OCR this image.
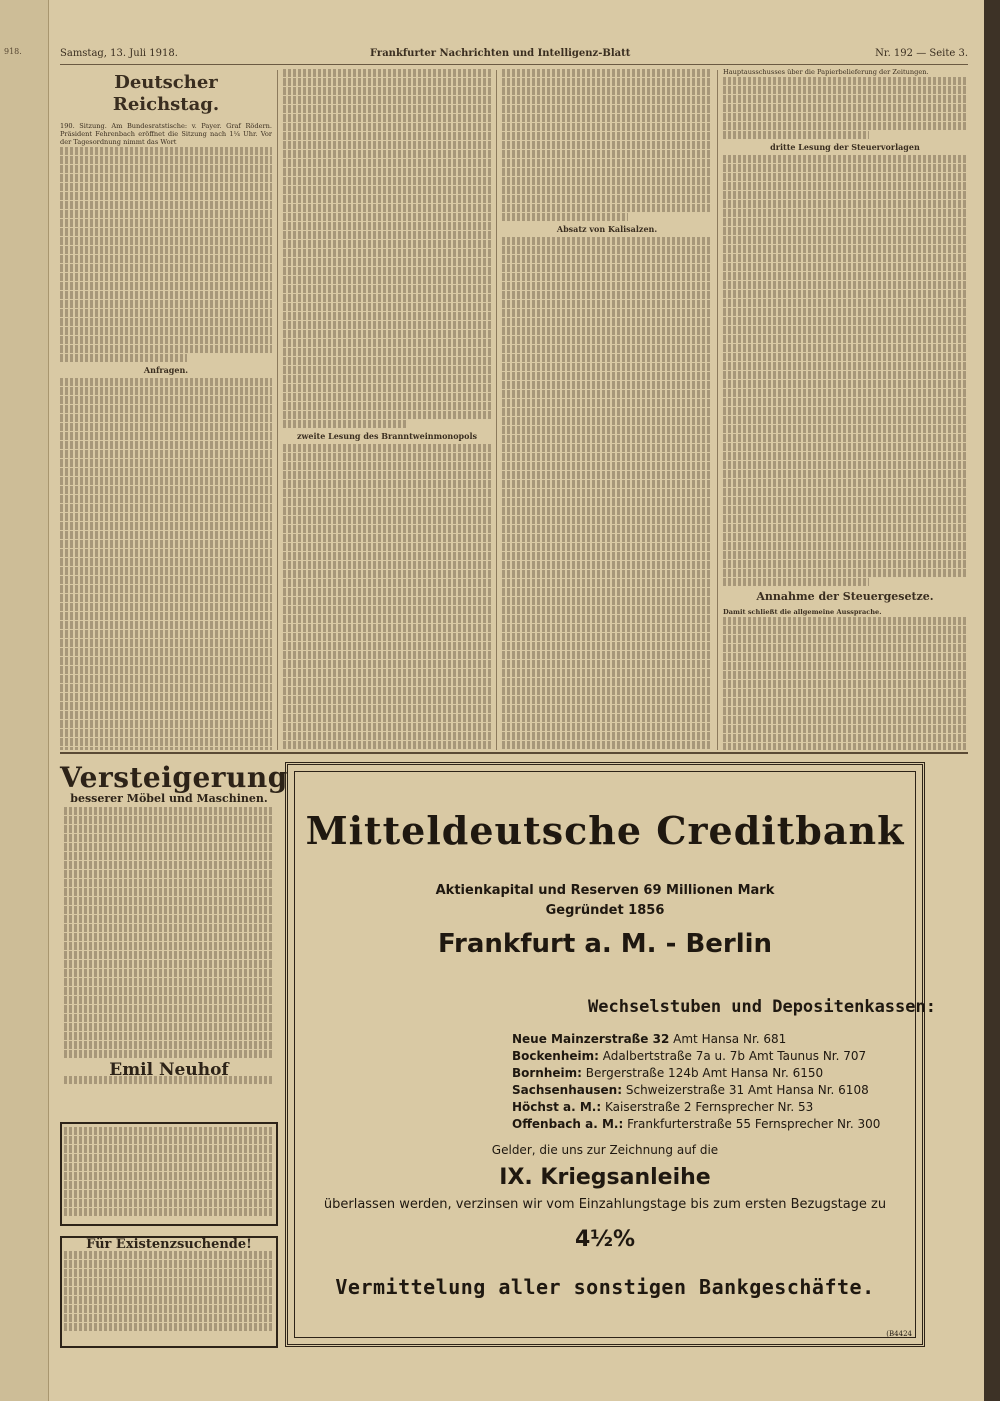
918.	Samstag, 13. Juli 1918.	Frankfurter Nachrichten und Intelligenz-Blatt	Nr. 192 — Seite 3.
Deutscher Reichstag.
190. Sitzung. Am Bundesratstische: v. Payer. Graf Rödern. Präsident Fehrenbach eröffnet die Sitzung nach 1¼ Uhr. Vor der Tagesordnung nimmt das Wort
Anfragen.
zweite Lesung des Branntweinmonopols
Absatz von Kalisalzen.
Hauptausschusses über die Papierbelieferung der Zeitungen.
dritte Lesung der Steuervorlagen
Annahme der Steuergesetze.
Damit schließt die allgemeine Aussprache.
Versteigerung
besserer Möbel und Maschinen.
Emil Neuhof
Für Existenzsuchende!
Mitteldeutsche Creditbank
Aktienkapital und Reserven 69 Millionen Mark
Gegründet 1856
Frankfurt a. M. - Berlin
Wechselstuben und Depositenkassen:
Neue Mainzerstraße 32 Amt Hansa Nr. 681
Bockenheim: Adalbertstraße 7a u. 7b Amt Taunus Nr. 707
Bornheim: Bergerstraße 124b Amt Hansa Nr. 6150
Sachsenhausen: Schweizerstraße 31 Amt Hansa Nr. 6108
Höchst a. M.: Kaiserstraße 2 Fernsprecher Nr. 53
Offenbach a. M.: Frankfurterstraße 55 Fernsprecher Nr. 300
Gelder, die uns zur Zeichnung auf die
IX. Kriegsanleihe
überlassen werden, verzinsen wir vom Einzahlungstage bis zum ersten Bezugstage zu
4½%
Vermittelung aller sonstigen Bankgeschäfte.
(B4424
